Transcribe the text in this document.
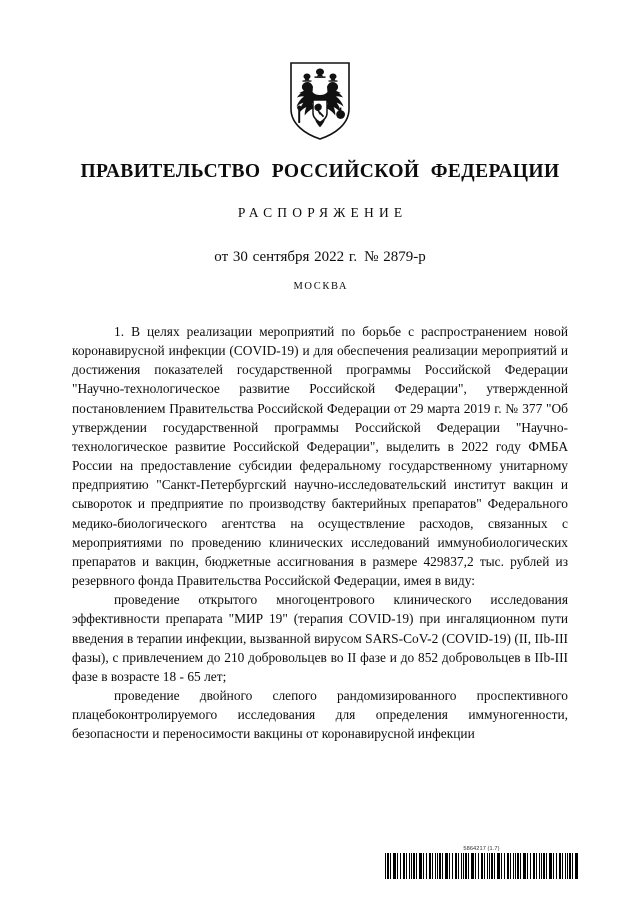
ПРАВИТЕЛЬСТВО РОССИЙСКОЙ ФЕДЕРАЦИИ
РАСПОРЯЖЕНИЕ
от 30 сентября 2022 г. № 2879-р
МОСКВА

1. В целях реализации мероприятий по борьбе с распространением новой коронавирусной инфекции (COVID-19) и для обеспечения реализации мероприятий и достижения показателей государственной программы Российской Федерации "Научно-технологическое развитие Российской Федерации", утвержденной постановлением Правительства Российской Федерации от 29 марта 2019 г. № 377 "Об утверждении государственной программы Российской Федерации "Научно-технологическое развитие Российской Федерации", выделить в 2022 году ФМБА России на предоставление субсидии федеральному государственному унитарному предприятию "Санкт-Петербургский научно-исследовательский институт вакцин и сывороток и предприятие по производству бактерийных препаратов" Федерального медико-биологического агентства на осуществление расходов, связанных с мероприятиями по проведению клинических исследований иммунобиологических препаратов и вакцин, бюджетные ассигнования в размере 429837,2 тыс. рублей из резервного фонда Правительства Российской Федерации, имея в виду:

проведение открытого многоцентрового клинического исследования эффективности препарата "МИР 19" (терапия COVID-19) при ингаляционном пути введения в терапии инфекции, вызванной вирусом SARS-CoV-2 (COVID-19) (II, IIb-III фазы), с привлечением до 210 добровольцев во II фазе и до 852 добровольцев в IIb-III фазе в возрасте 18 - 65 лет;

проведение двойного слепого рандомизированного проспективного плацебоконтролируемого исследования для определения иммуногенности, безопасности и переносимости вакцины от коронавирусной инфекции

5864217 (1.7)
